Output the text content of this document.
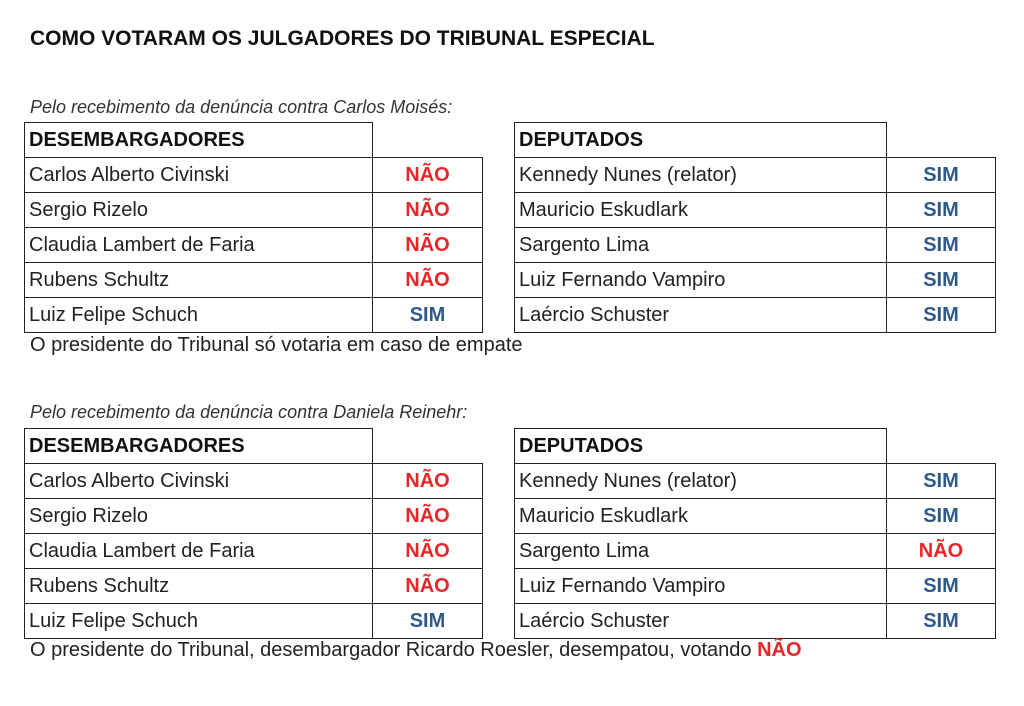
COMO VOTARAM OS JULGADORES DO TRIBUNAL ESPECIAL
Pelo recebimento da denúncia contra Carlos Moisés:
DESEMBARGADORES	
Carlos Alberto Civinski	NÃO
Sergio Rizelo	NÃO
Claudia Lambert de Faria	NÃO
Rubens Schultz	NÃO
Luiz Felipe Schuch	SIM
DEPUTADOS	
Kennedy Nunes (relator)	SIM
Mauricio Eskudlark	SIM
Sargento Lima	SIM
Luiz Fernando Vampiro	SIM
Laércio Schuster	SIM
O presidente do Tribunal só votaria em caso de empate
Pelo recebimento da denúncia contra Daniela Reinehr:
DESEMBARGADORES	
Carlos Alberto Civinski	NÃO
Sergio Rizelo	NÃO
Claudia Lambert de Faria	NÃO
Rubens Schultz	NÃO
Luiz Felipe Schuch	SIM
DEPUTADOS	
Kennedy Nunes (relator)	SIM
Mauricio Eskudlark	SIM
Sargento Lima	NÃO
Luiz Fernando Vampiro	SIM
Laércio Schuster	SIM
O presidente do Tribunal, desembargador Ricardo Roesler, desempatou, votando NÃO
